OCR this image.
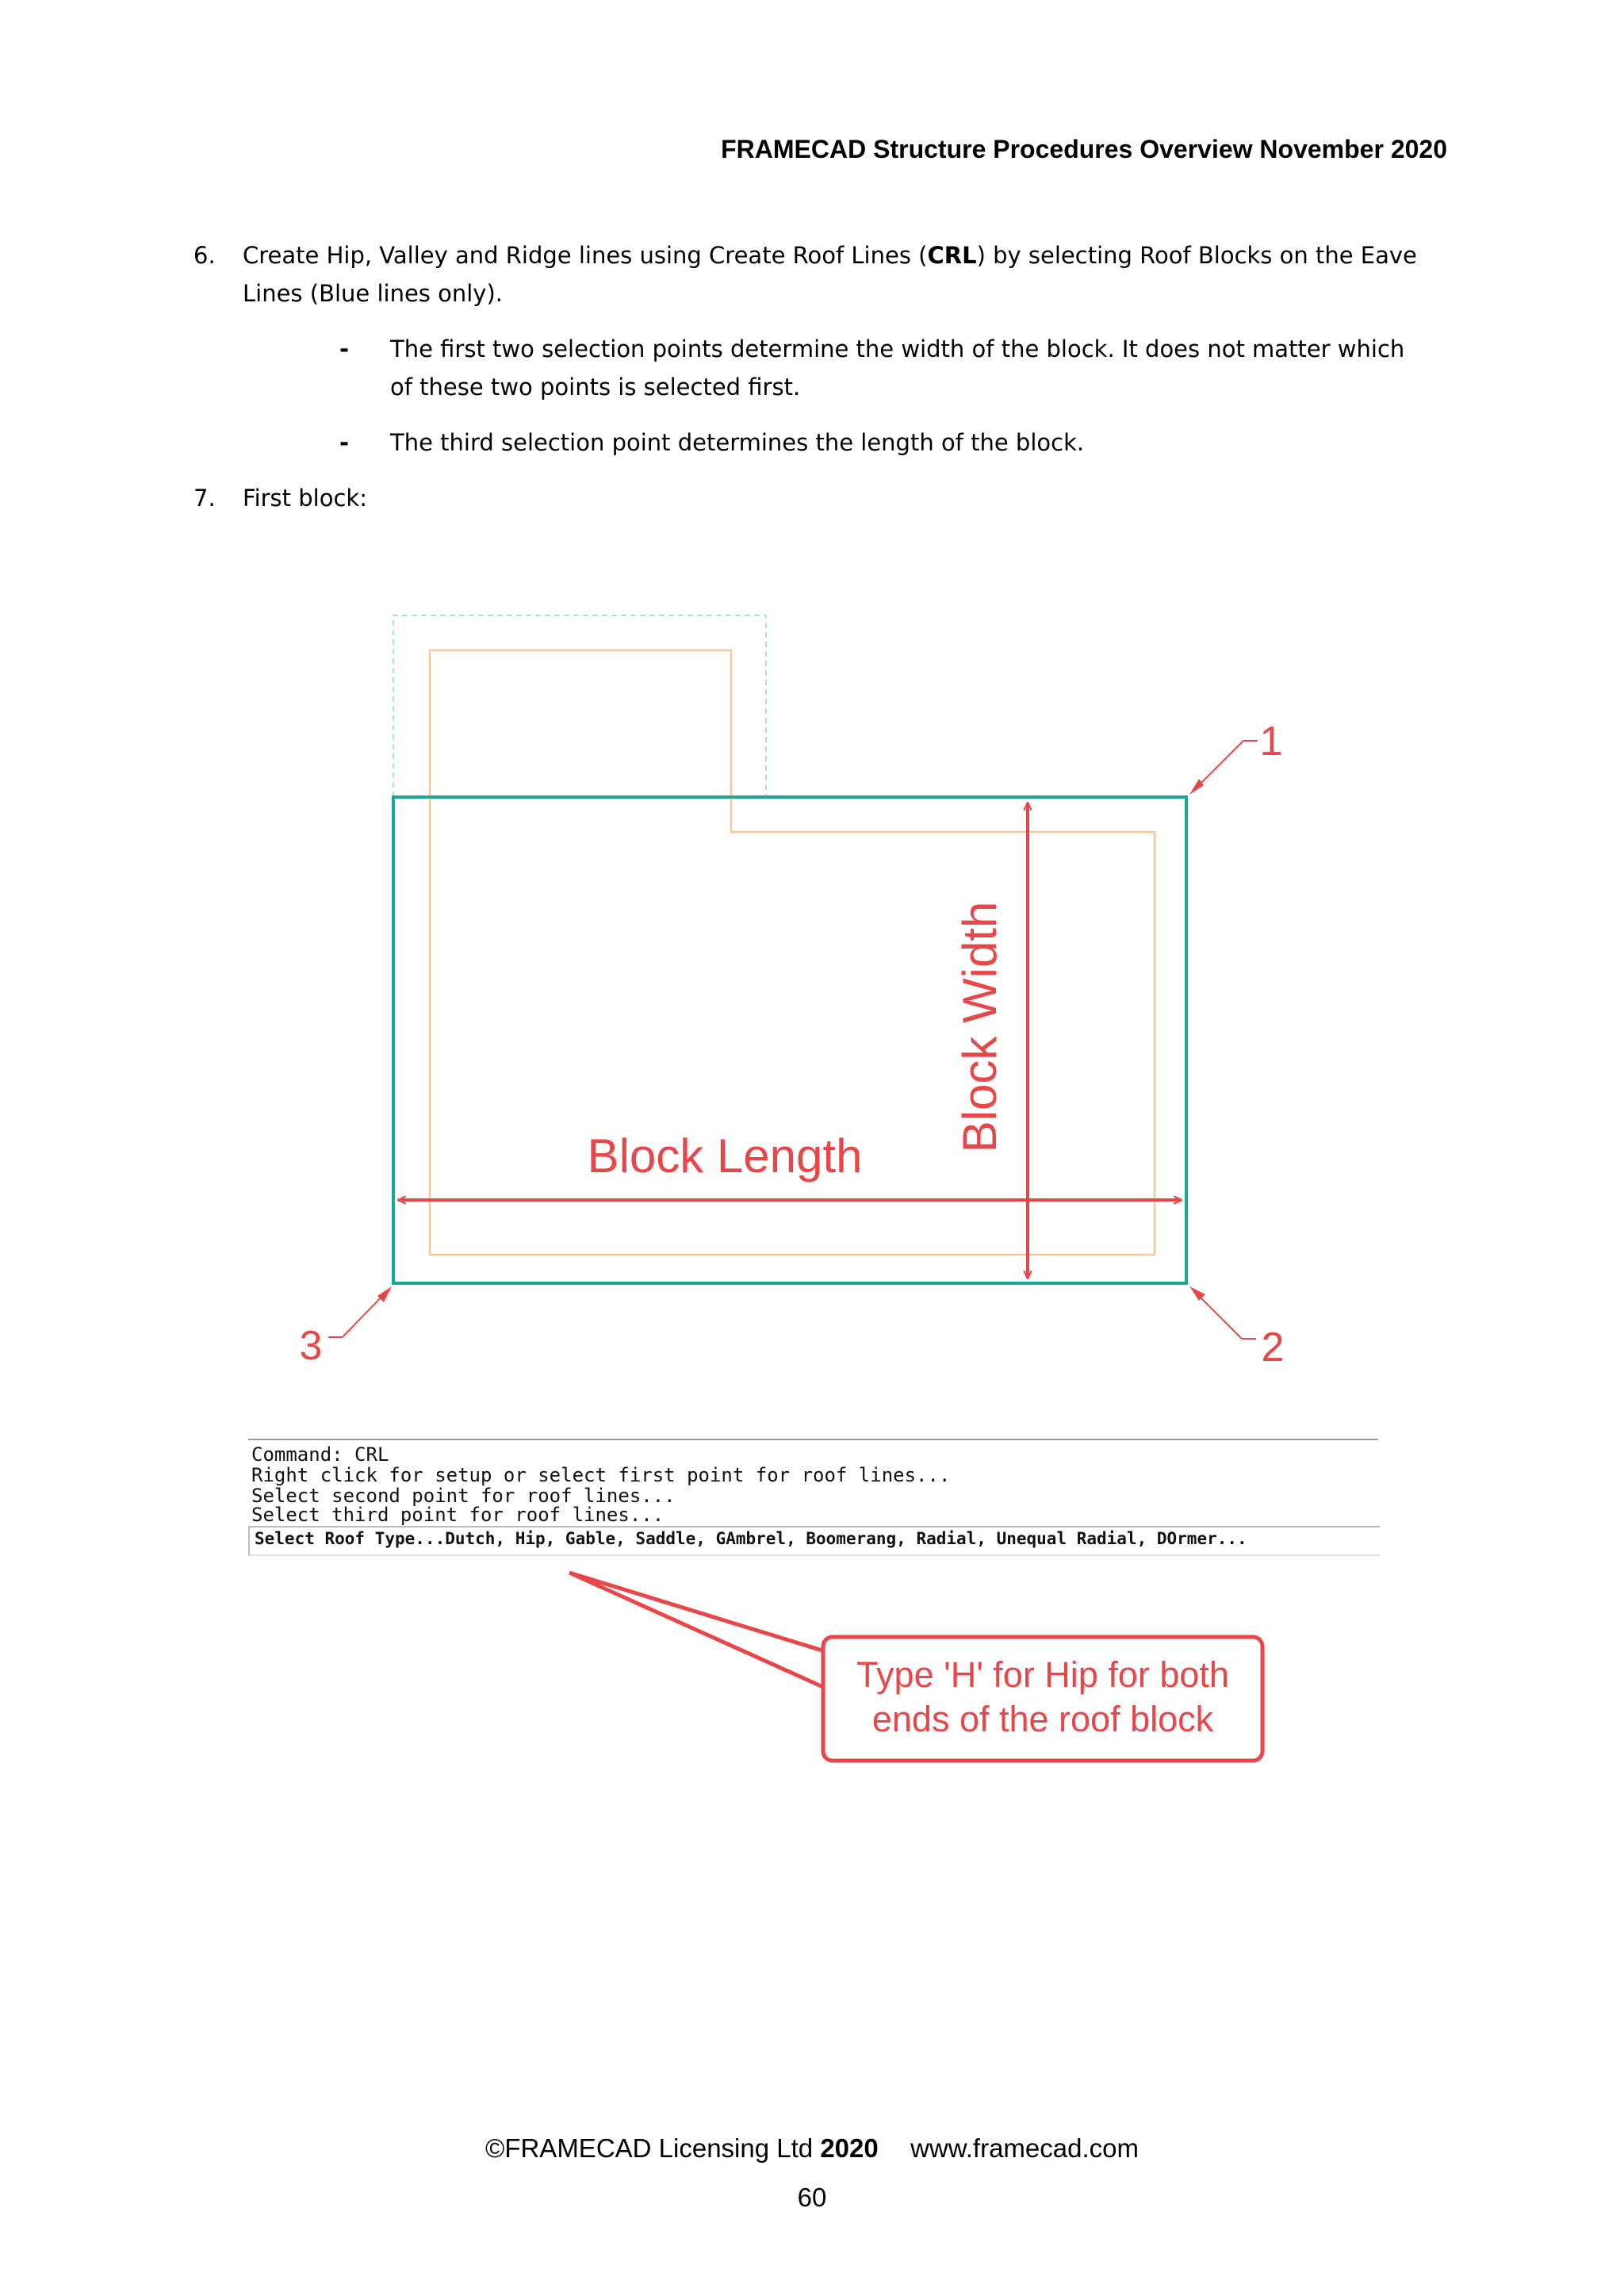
FRAMECAD Structure Procedures Overview November 2020
6. Create Hip, Valley and Ridge lines using Create Roof Lines (CRL) by selecting Roof Blocks on the Eave Lines (Blue lines only).
- The first two selection points determine the width of the block. It does not matter which of these two points is selected first.
- The third selection point determines the length of the block.
7. First block:
Block Width
Block Length
1
2
3
Type 'H' for Hip for both
ends of the roof block
Command: CRL
Right click for setup or select first point for roof lines...
Select second point for roof lines...
Select third point for roof lines...
Select Roof Type...Dutch, Hip, Gable, Saddle, GAmbrel, Boomerang, Radial, Unequal Radial, DOrmer...
©FRAMECAD Licensing Ltd 2020 www.framecad.com
60
